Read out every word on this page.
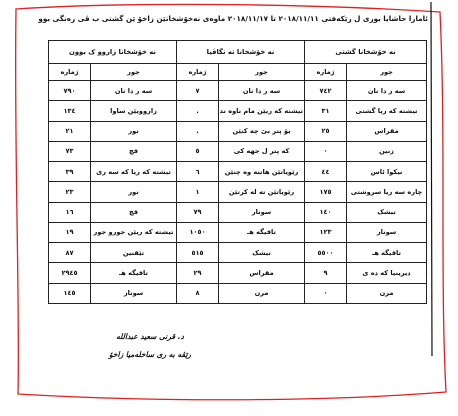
ئامارا حاشایا بوری ل رێکەفتی ٢٠١٨/١١/١١ تا ٢٠١٨/١١/١٧ ماوەی نەخۆشخانێن زاخۆ ێن گشتی ب ڤی رەنگی بوو
نە خۆشخانا گشتی		نە خۆشخانا تە نگاڤیا		نە خۆشخانا زاروو ک بوون	
جور	ژمارە	جور	ژمارە	جور	ژمارە
سە ر دا نان	٧٤٢	سە ر دا نان	٧	سە ر دا نان	٧٩٠
تیشتە کە ریا گشتی	٣١	تیشتە کە ریێن مام ناوە ند	.	زاروویێن ساوا	١٣٤
مقراس	٢٥	بۆ پتر بێ چە کنێن	.	نور	٢١
زنین	٠	کە پتر ل جهە کی	٥	قچ	٧٣
نیکوا ئاس	٤٤	رێویاتێن هاتنە وە چنێن	٦	تیشتە کە ریا کە سە ری	٣٩
چارە سە ریا سروشتی	١٧٥	رێویاتێن تە لە کرتێن	١	نور	٢٣
تیشک	١٤٠	سونار	٧٩	قچ	١٦
سونار	١٢٣	تاقیگە هـ	١٠٥٠	تیشتە کە ریێن جورو جور	١٩
تاقیگە هـ	٥٥٠٠	تیشک	٥١٥	تێقنین	٨٧
دیرینیا کە دە ی	٩	مقراس	٢٩	تاقیگە هـ	٢٩٤٥
مرن	٠	مرن	٨	سونار	١٤٥
د. قرنی سعید عبدالله
رێڤە بە ری ساخلەمیا زاخۆ
